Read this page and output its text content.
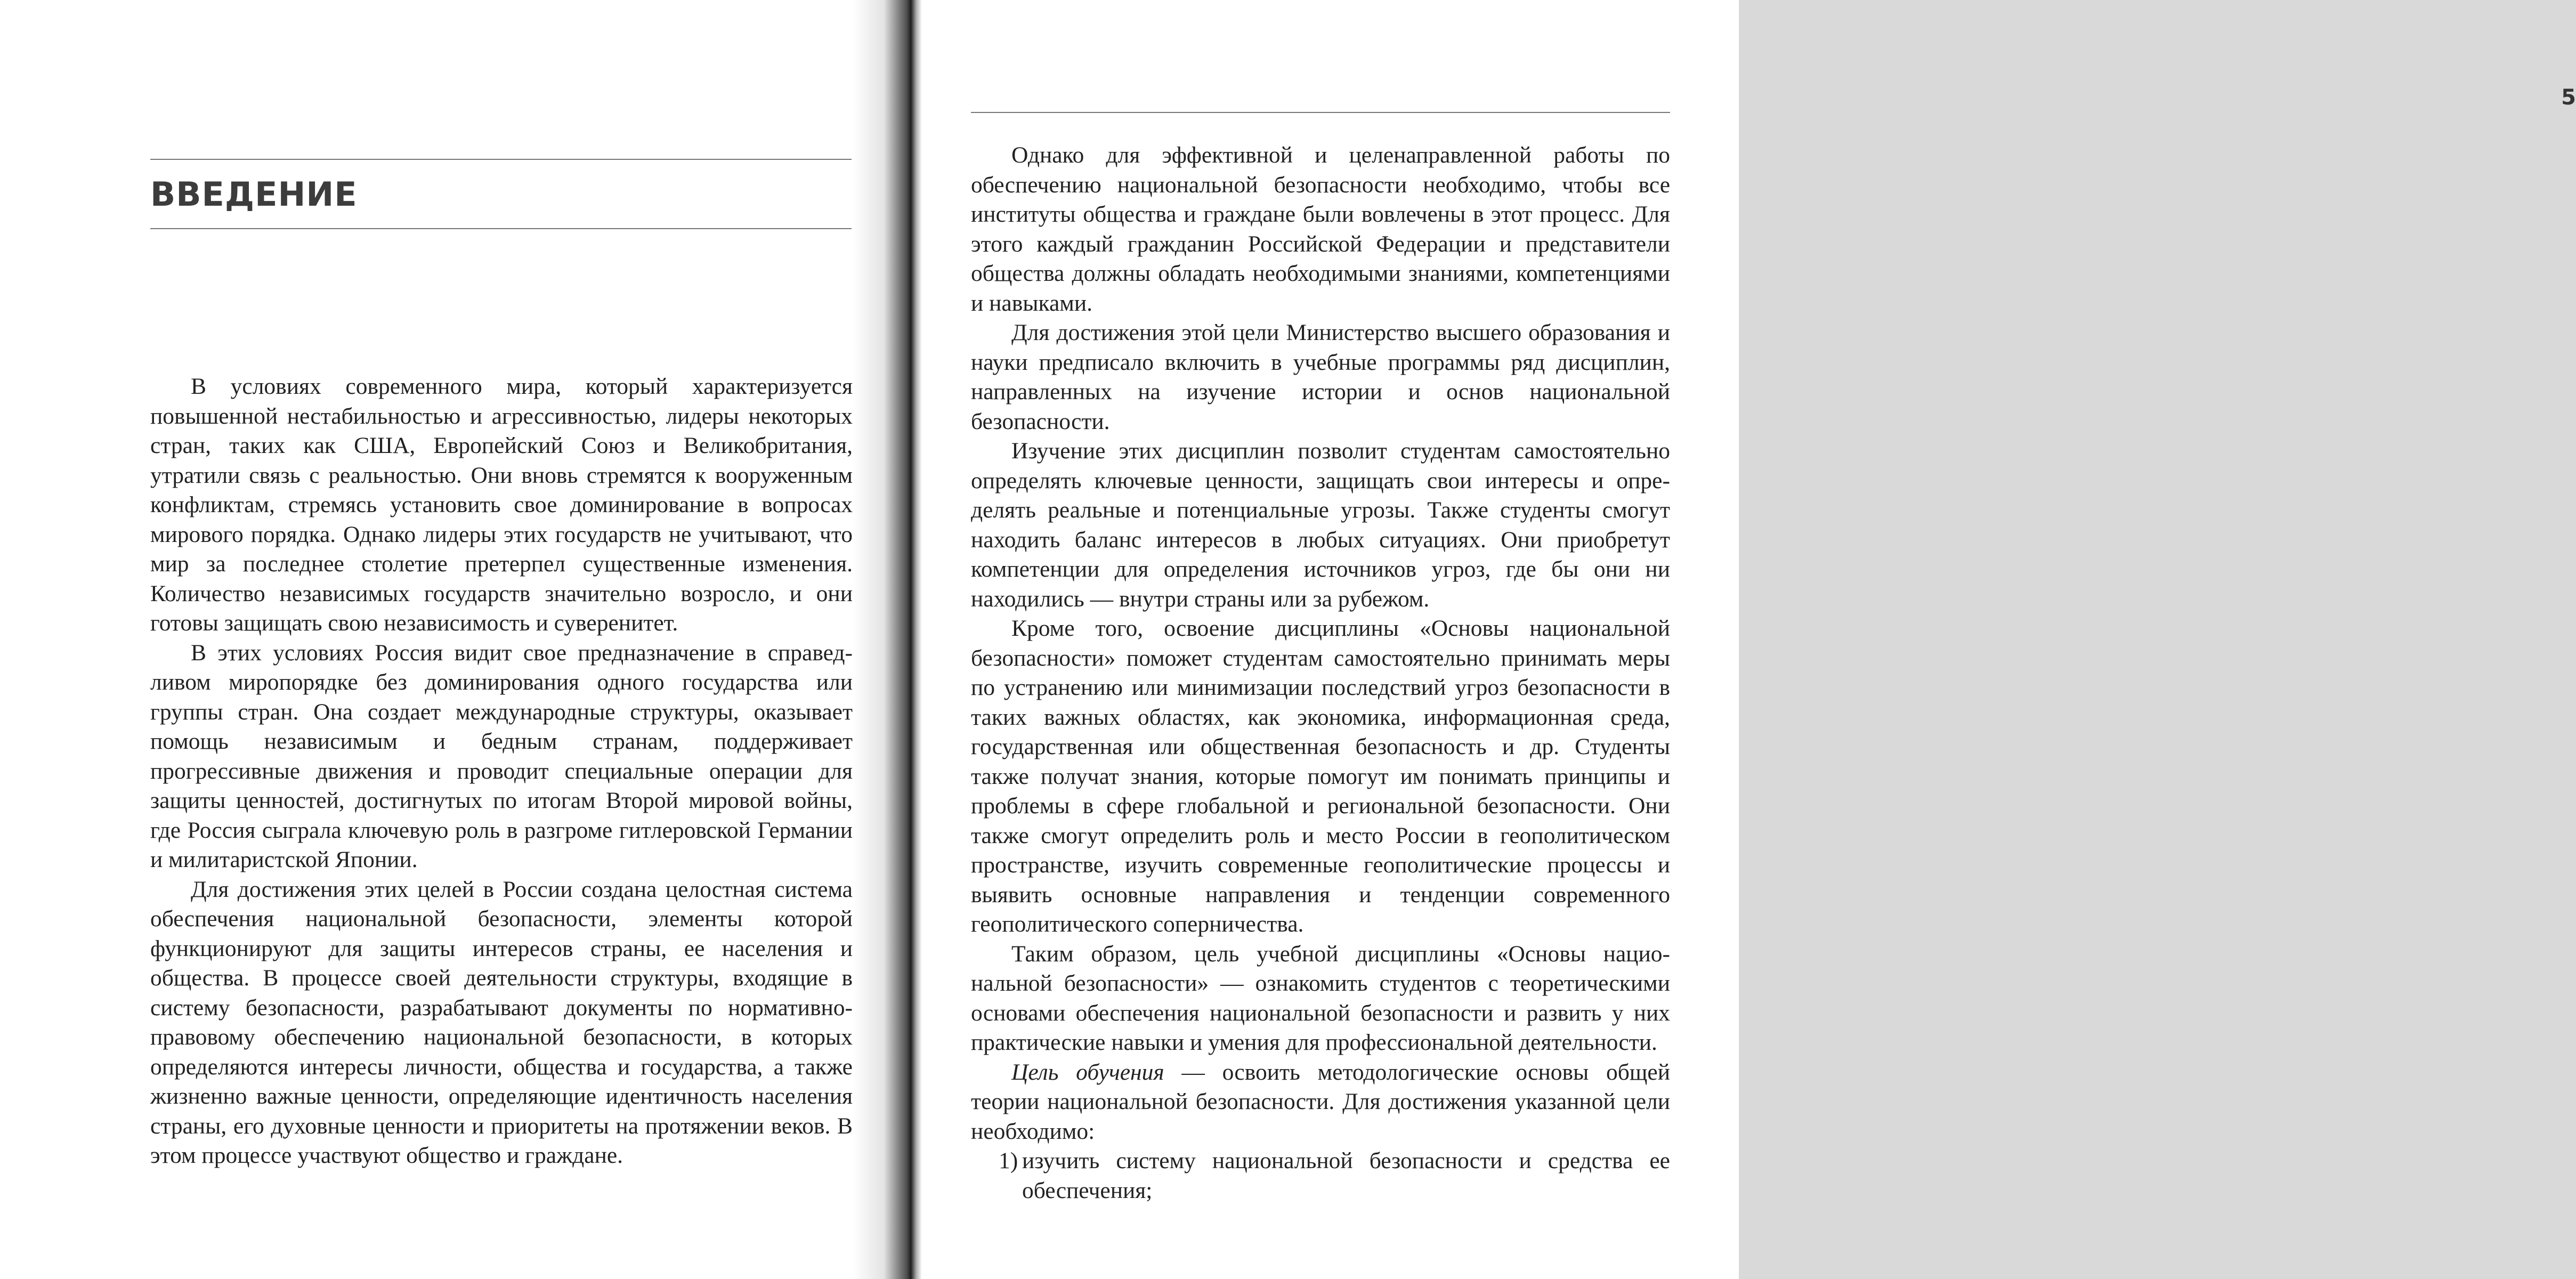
ВВЕДЕНИЕ

В условиях современного мира, который характеризуется повышенной нестабильностью и агрессивностью, лидеры некоторых стран, таких как США, Европейский Союз и Великобритания, утратили связь с реальностью. Они вновь стремятся к вооруженным конфликтам, стремясь установить свое доминирование в вопросах мирового порядка. Однако лидеры этих государств не учитывают, что мир за последнее столетие претерпел существенные изменения. Количество независимых государств значительно возросло, и они готовы защищать свою независимость и суверенитет.

В этих условиях Россия видит свое предназначение в справедливом миропорядке без доминирования одного государства или группы стран. Она создает международные структуры, оказывает помощь независимым и бедным странам, поддерживает прогрессивные движения и проводит специальные операции для защиты ценностей, достигнутых по итогам Второй мировой войны, где Россия сыграла ключевую роль в разгроме гитлеровской Германии и милитаристской Японии.

Для достижения этих целей в России создана целостная система обеспечения национальной безопасности, элементы которой функционируют для защиты интересов страны, ее населения и общества. В процессе своей деятельности структуры, входящие в систему безопасности, разрабатывают документы по нормативно-правовому обеспечению национальной безопасности, в которых определяются интересы личности, общества и государства, а также жизненно важные ценности, определяющие идентичность населения страны, его духовные ценности и приоритеты на протяжении веков. В этом процессе участвуют общество и граждане.

5

Однако для эффективной и целенаправленной работы по обеспечению национальной безопасности необходимо, чтобы все институты общества и граждане были вовлечены в этот процесс. Для этого каждый гражданин Российской Федерации и представители общества должны обладать необходимыми знаниями, компетенциями и навыками.

Для достижения этой цели Министерство высшего образования и науки предписало включить в учебные программы ряд дисциплин, направленных на изучение истории и основ национальной безопасности.

Изучение этих дисциплин позволит студентам самостоятельно определять ключевые ценности, защищать свои интересы и определять реальные и потенциальные угрозы. Также студенты смогут находить баланс интересов в любых ситуациях. Они приобретут компетенции для определения источников угроз, где бы они ни находились — внутри страны или за рубежом.

Кроме того, освоение дисциплины «Основы национальной безопасности» поможет студентам самостоятельно принимать меры по устранению или минимизации последствий угроз безопасности в таких важных областях, как экономика, информационная среда, государственная или общественная безопасность и др. Студенты также получат знания, которые помогут им понимать принципы и проблемы в сфере глобальной и региональной безопасности. Они также смогут определить роль и место России в геополитическом пространстве, изучить современные геополитические процессы и выявить основные направления и тенденции современного геополитического соперничества.

Таким образом, цель учебной дисциплины «Основы национальной безопасности» — ознакомить студентов с теоретическими основами обеспечения национальной безопасности и развить у них практические навыки и умения для профессиональной деятельности.

Цель обучения — освоить методологические основы общей теории национальной безопасности. Для достижения указанной цели необходимо:

1) изучить систему национальной безопасности и средства ее обеспечения;
